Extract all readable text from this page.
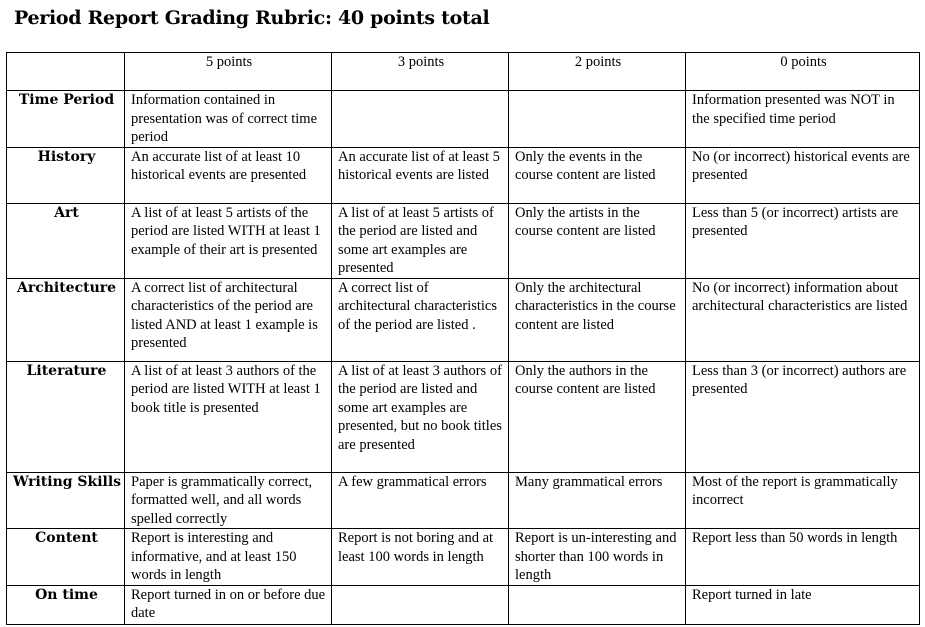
Period Report Grading Rubric: 40 points total
	5 points	3 points	2 points	0 points
Time Period	Information contained in presentation was of correct time period			Information presented was NOT in the specified time period
History	An accurate list of at least 10 historical events are presented	An accurate list of at least 5 historical events are listed	Only the events in the course content are listed	No (or incorrect) historical events are presented
Art	A list of at least 5 artists of the period are listed WITH at least 1 example of their art is presented	A list of at least 5 artists of the period are listed and some art examples are presented	Only the artists in the course content are listed	Less than 5 (or incorrect) artists are presented
Architecture	A correct list of architectural characteristics of the period are listed AND at least 1 example is presented	A correct list of architectural characteristics of the period are listed .	Only the architectural characteristics in the course content are listed	No (or incorrect) information about architectural characteristics are listed
Literature	A list of at least 3 authors of the period are listed WITH at least 1 book title is presented	A list of at least 3 authors of the period are listed and some art examples are presented, but no book titles are presented	Only the authors in the course content are listed	Less than 3 (or incorrect) authors are presented
Writing Skills	Paper is grammatically correct, formatted well, and all words spelled correctly	A few grammatical errors	Many grammatical errors	Most of the report is grammatically incorrect
Content	Report is interesting and informative, and at least 150 words in length	Report is not boring and at least 100 words in length	Report is un-interesting and shorter than 100 words in length	Report less than 50 words in length
On time	Report turned in on or before due date			Report turned in late
